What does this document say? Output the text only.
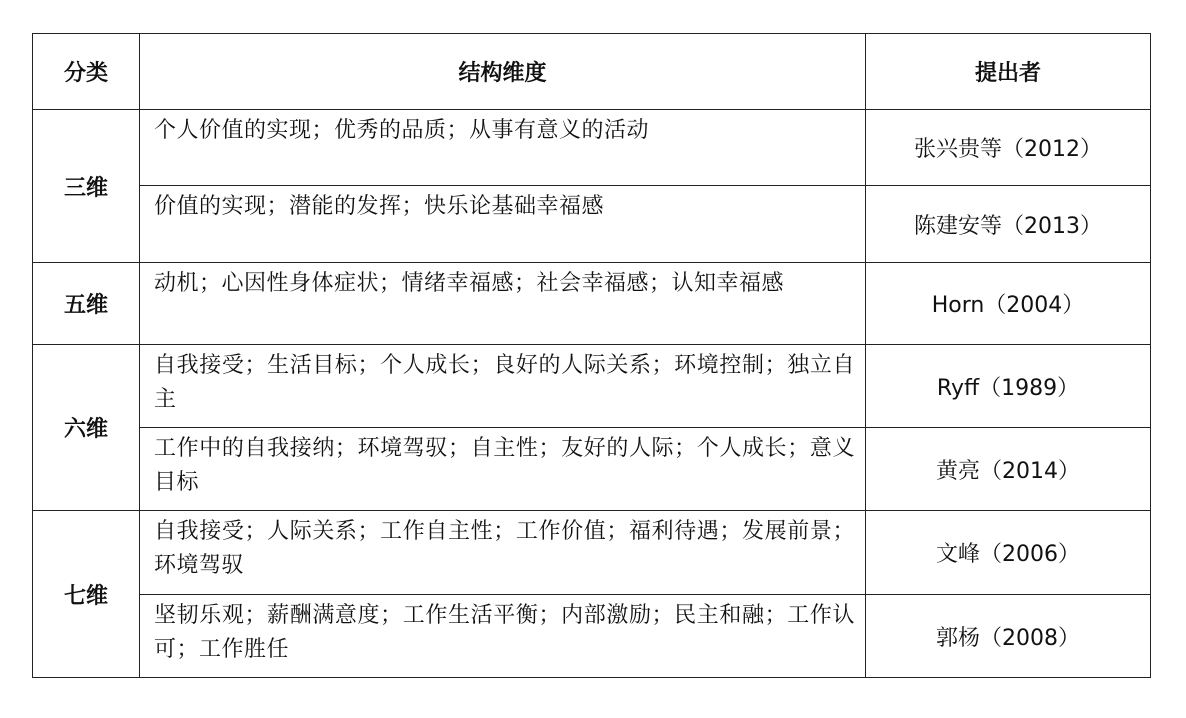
分类	结构维度	提出者
三维	个人价值的实现；优秀的品质；从事有意义的活动	张兴贵等（2012）
	价值的实现；潜能的发挥；快乐论基础幸福感	陈建安等（2013）
五维	动机；心因性身体症状；情绪幸福感；社会幸福感；认知幸福感	Horn（2004）
六维	自我接受；生活目标；个人成长；良好的人际关系；环境控制；独立自主	Ryff（1989）
	工作中的自我接纳；环境驾驭；自主性；友好的人际；个人成长；意义目标	黄亮（2014）
七维	自我接受；人际关系；工作自主性；工作价值；福利待遇；发展前景；环境驾驭	文峰（2006）
	坚韧乐观；薪酬满意度；工作生活平衡；内部激励；民主和融；工作认可；工作胜任	郭杨（2008）
